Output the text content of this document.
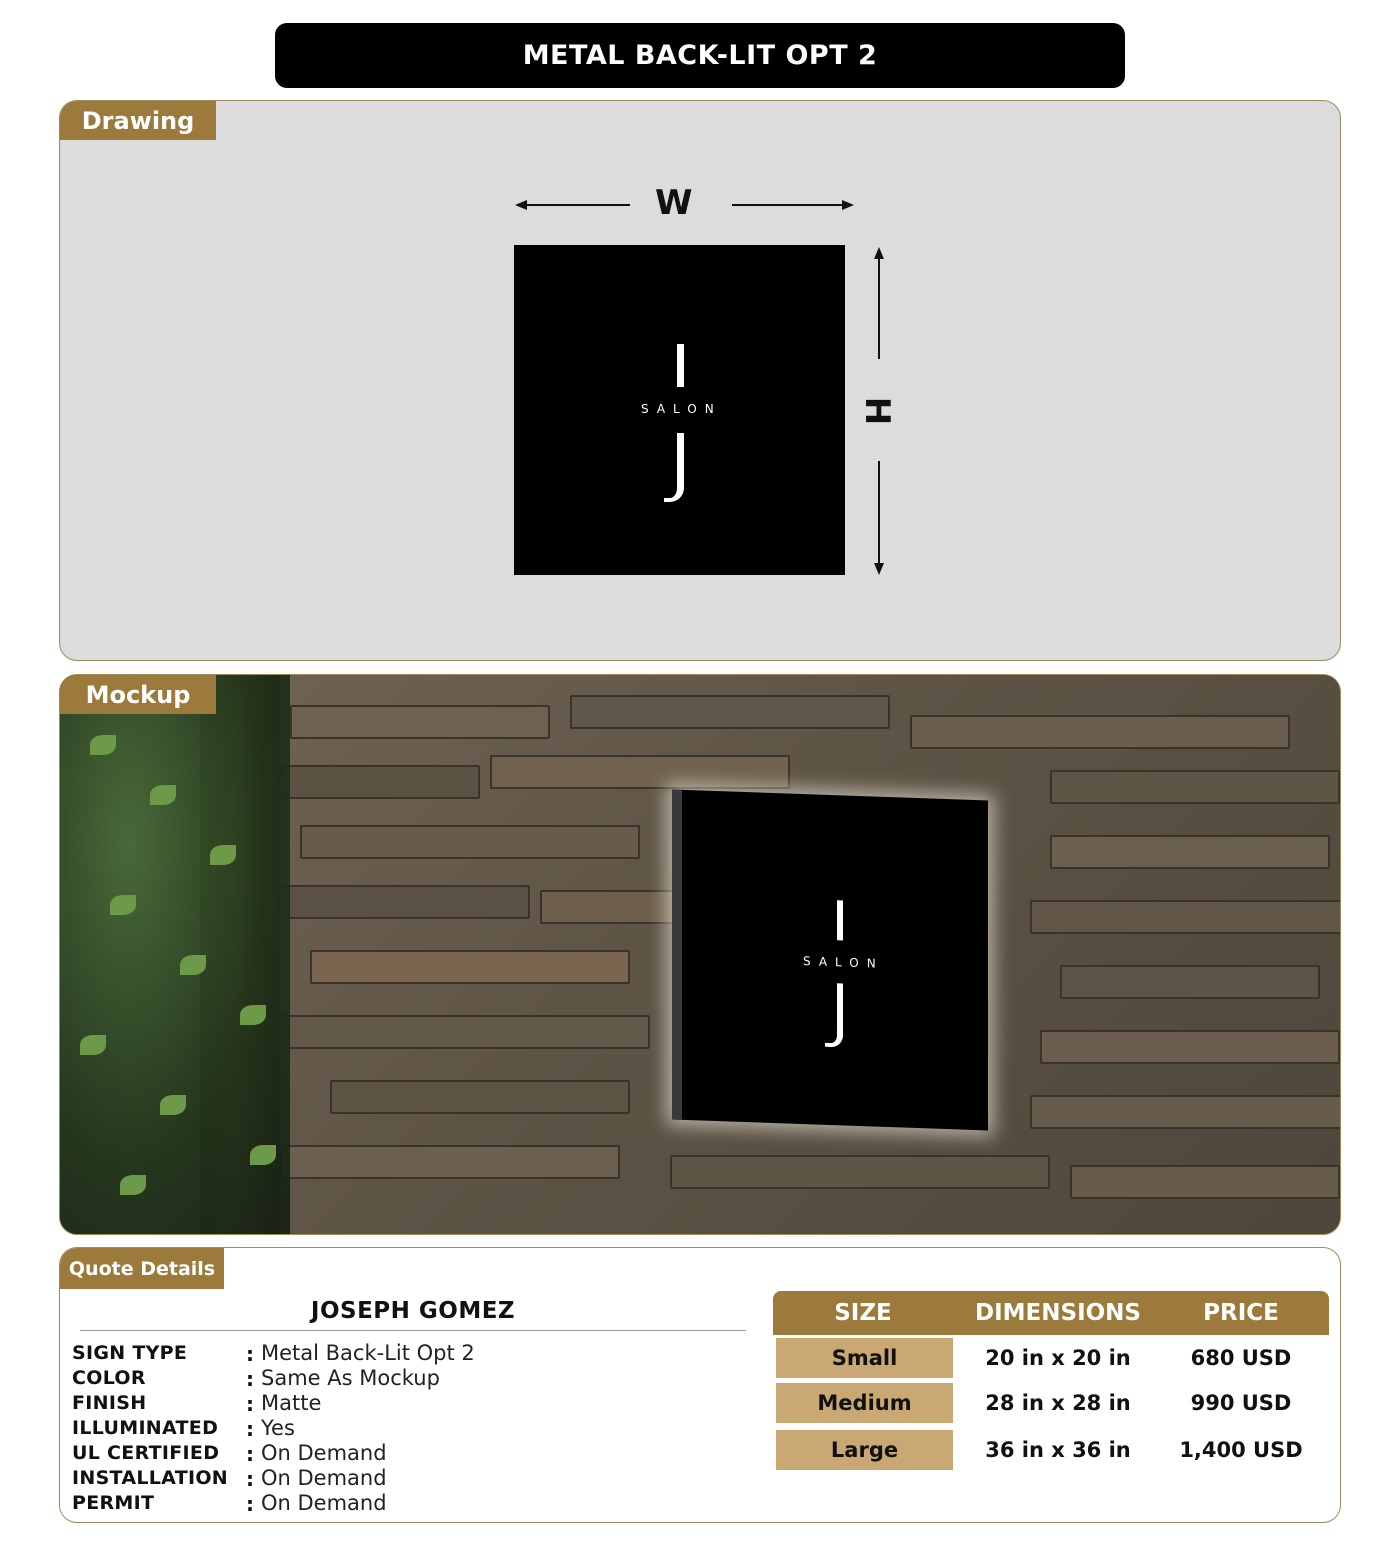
METAL BACK-LIT OPT 2
Drawing
W
SALON	H
Mockup
SALON
Quote Details
JOSEPH GOMEZ
SIGN TYPE	: Metal Back-Lit Opt 2
COLOR	: Same As Mockup
FINISH	: Matte
ILLUMINATED : Yes
UL CERTIFIED : On Demand
INSTALLATION : On Demand
PERMIT	: On Demand
SIZE	DIMENSIONS	PRICE
Small	20 in x 20 in	680 USD
Medium	28 in x 28 in	990 USD
Large	36 in x 36 in	1,400 USD
